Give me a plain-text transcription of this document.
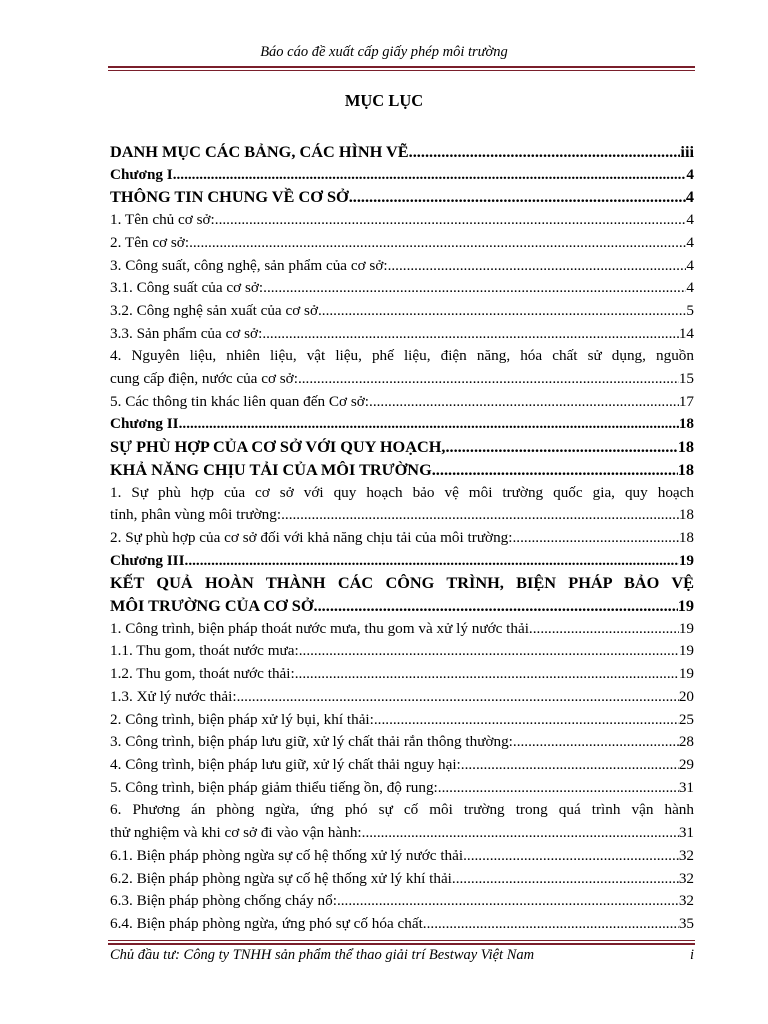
Báo cáo đề xuất cấp giấy phép môi trường
MỤC LỤC
DANH MỤC CÁC BẢNG, CÁC HÌNH VẼ .....	iii
Chương I .....	4
THÔNG TIN CHUNG VỀ CƠ SỞ .....	4
1. Tên chủ cơ sở: .....	4
2. Tên cơ sở: .....	4
3. Công suất, công nghệ, sản phẩm của cơ sở: .....	4
3.1. Công suất của cơ sở: .....	4
3.2. Công nghệ sản xuất của cơ sở .....	5
3.3. Sản phẩm của cơ sở: .....	14
4. Nguyên liệu, nhiên liệu, vật liệu, phế liệu, điện năng, hóa chất sử dụng, nguồn
cung cấp điện, nước của cơ sở: .....	15
5. Các thông tin khác liên quan đến Cơ sở: .....	17
Chương II .....	18
SỰ PHÙ HỢP CỦA CƠ SỞ VỚI QUY HOẠCH, .....	18
KHẢ NĂNG CHỊU TẢI CỦA MÔI TRƯỜNG .....	18
1. Sự phù hợp của cơ sở với quy hoạch bảo vệ môi trường quốc gia, quy hoạch
tỉnh, phân vùng môi trường: .....	18
2. Sự phù hợp của cơ sở đối với khả năng chịu tải của môi trường: .....	18
Chương III .....	19
KẾT QUẢ HOÀN THÀNH CÁC CÔNG TRÌNH, BIỆN PHÁP BẢO VỆ
MÔI TRƯỜNG CỦA CƠ SỞ .....	19
1. Công trình, biện pháp thoát nước mưa, thu gom và xử lý nước thải .....	19
1.1. Thu gom, thoát nước mưa: .....	19
1.2. Thu gom, thoát nước thải: .....	19
1.3. Xử lý nước thải: .....	20
2. Công trình, biện pháp xử lý bụi, khí thải: .....	25
3. Công trình, biện pháp lưu giữ, xử lý chất thải rắn thông thường: .....	28
4. Công trình, biện pháp lưu giữ, xử lý chất thải nguy hại: .....	29
5. Công trình, biện pháp giảm thiểu tiếng ồn, độ rung: .....	31
6. Phương án phòng ngừa, ứng phó sự cố môi trường trong quá trình vận hành
thử nghiệm và khi cơ sở đi vào vận hành: .....	31
6.1. Biện pháp phòng ngừa sự cố hệ thống xử lý nước thải .....	32
6.2. Biện pháp phòng ngừa sự cố hệ thống xử lý khí thải .....	32
6.3. Biện pháp phòng chống cháy nổ: .....	32
6.4. Biện pháp phòng ngừa, ứng phó sự cố hóa chất .....	35
Chủ đầu tư: Công ty TNHH sản phẩm thể thao giải trí Bestway Việt Nam	i
